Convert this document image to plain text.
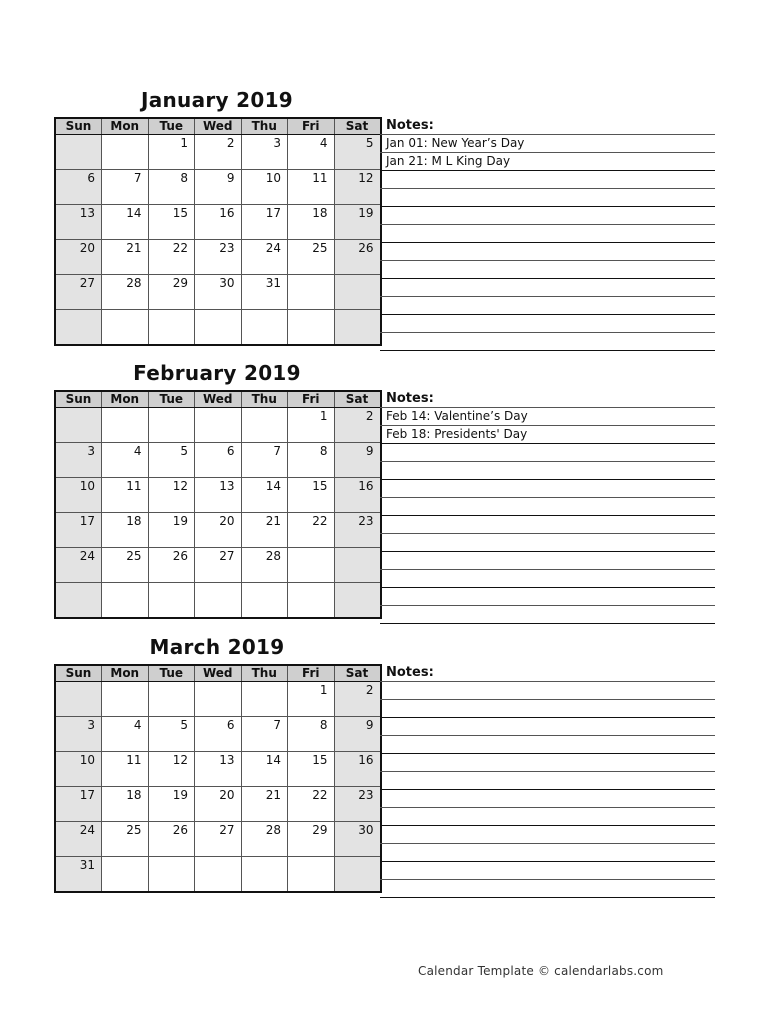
January 2019
Sun	Mon	Tue	Wed	Thu	Fri	Sat
		1	2	3	4	5
6	7	8	9	10	11	12
13	14	15	16	17	18	19
20	21	22	23	24	25	26
27	28	29	30	31		

Notes:
Jan 01: New Year’s Day
Jan 21: M L King Day
February 2019
Sun	Mon	Tue	Wed	Thu	Fri	Sat
					1	2
3	4	5	6	7	8	9
10	11	12	13	14	15	16
17	18	19	20	21	22	23
24	25	26	27	28		

Notes:
Feb 14: Valentine’s Day
Feb 18: Presidents' Day
March 2019
Sun	Mon	Tue	Wed	Thu	Fri	Sat
					1	2
3	4	5	6	7	8	9
10	11	12	13	14	15	16
17	18	19	20	21	22	23
24	25	26	27	28	29	30
31						
Notes:
Calendar Template © calendarlabs.com
